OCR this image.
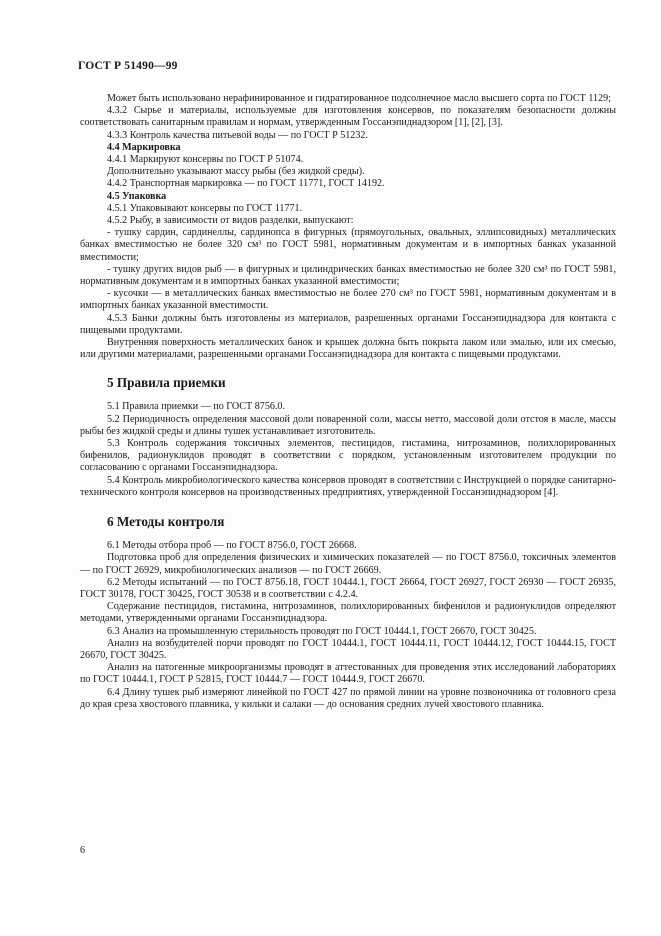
ГОСТ Р 51490—99

Может быть использовано нерафинированное и гидратированное подсолнечное масло высшего сорта по ГОСТ 1129;

4.3.2 Сырье и материалы, используемые для изготовления консервов, по показателям безопасности должны соответствовать санитарным правилам и нормам, утвержденным Госсанэпиднадзором [1], [2], [3].

4.3.3 Контроль качества питьевой воды — по ГОСТ Р 51232.

4.4 Маркировка

4.4.1 Маркируют консервы по ГОСТ Р 51074.

Дополнительно указывают массу рыбы (без жидкой среды).

4.4.2 Транспортная маркировка — по ГОСТ 11771, ГОСТ 14192.

4.5 Упаковка

4.5.1 Упаковывают консервы по ГОСТ 11771.

4.5.2 Рыбу, в зависимости от видов разделки, выпускают:

- тушку сардин, сардинеллы, сардинопса в фигурных (прямоугольных, овальных, эллипсовидных) металлических банках вместимостью не более 320 см³ по ГОСТ 5981, нормативным документам и в импортных банках указанной вместимости;

- тушку других видов рыб — в фигурных и цилиндрических банках вместимостью не более 320 см³ по ГОСТ 5981, нормативным документам и в импортных банках указанной вместимости;

- кусочки — в металлических банках вместимостью не более 270 см³ по ГОСТ 5981, нормативным документам и в импортных банках указанной вместимости.

4.5.3 Банки должны быть изготовлены из материалов, разрешенных органами Госсанэпиднадзора для контакта с пищевыми продуктами.

Внутренняя поверхность металлических банок и крышек должна быть покрыта лаком или эмалью, или их смесью, или другими материалами, разрешенными органами Госсанэпиднадзора для контакта с пищевыми продуктами.

5 Правила приемки

5.1 Правила приемки — по ГОСТ 8756.0.

5.2 Периодичность определения массовой доли поваренной соли, массы нетто, массовой доли отстоя в масле, массы рыбы без жидкой среды и длины тушек устанавливает изготовитель.

5.3 Контроль содержания токсичных элементов, пестицидов, гистамина, нитрозаминов, полихлорированных бифенилов, радионуклидов проводят в соответствии с порядком, установленным изготовителем продукции по согласованию с органами Госсанэпиднадзора.

5.4 Контроль микробиологического качества консервов проводят в соответствии с Инструкцией о порядке санитарно-технического контроля консервов на производственных предприятиях, утвержденной Госсанэпиднадзором [4].

6 Методы контроля

6.1 Методы отбора проб — по ГОСТ 8756.0, ГОСТ 26668.

Подготовка проб для определения физических и химических показателей — по ГОСТ 8756.0, токсичных элементов — по ГОСТ 26929, микробиологических анализов — по ГОСТ 26669.

6.2 Методы испытаний — по ГОСТ 8756.18, ГОСТ 10444.1, ГОСТ 26664, ГОСТ 26927, ГОСТ 26930 — ГОСТ 26935, ГОСТ 30178, ГОСТ 30425, ГОСТ 30538 и в соответствии с 4.2.4.

Содержание пестицидов, гистамина, нитрозаминов, полихлорированных бифенилов и радионуклидов определяют методами, утвержденными органами Госсанэпиднадзора.

6.3 Анализ на промышленную стерильность проводят по ГОСТ 10444.1, ГОСТ 26670, ГОСТ 30425.

Анализ на возбудителей порчи проводят по ГОСТ 10444.1, ГОСТ 10444.11, ГОСТ 10444.12, ГОСТ 10444.15, ГОСТ 26670, ГОСТ 30425.

Анализ на патогенные микроорганизмы проводят в аттестованных для проведения этих исследований лабораториях по ГОСТ 10444.1, ГОСТ Р 52815, ГОСТ 10444.7 — ГОСТ 10444.9, ГОСТ 26670.

6.4 Длину тушек рыб измеряют линейкой по ГОСТ 427 по прямой линии на уровне позвоночника от головного среза до края среза хвостового плавника, у кильки и салаки — до основания средних лучей хвостового плавника.

6
